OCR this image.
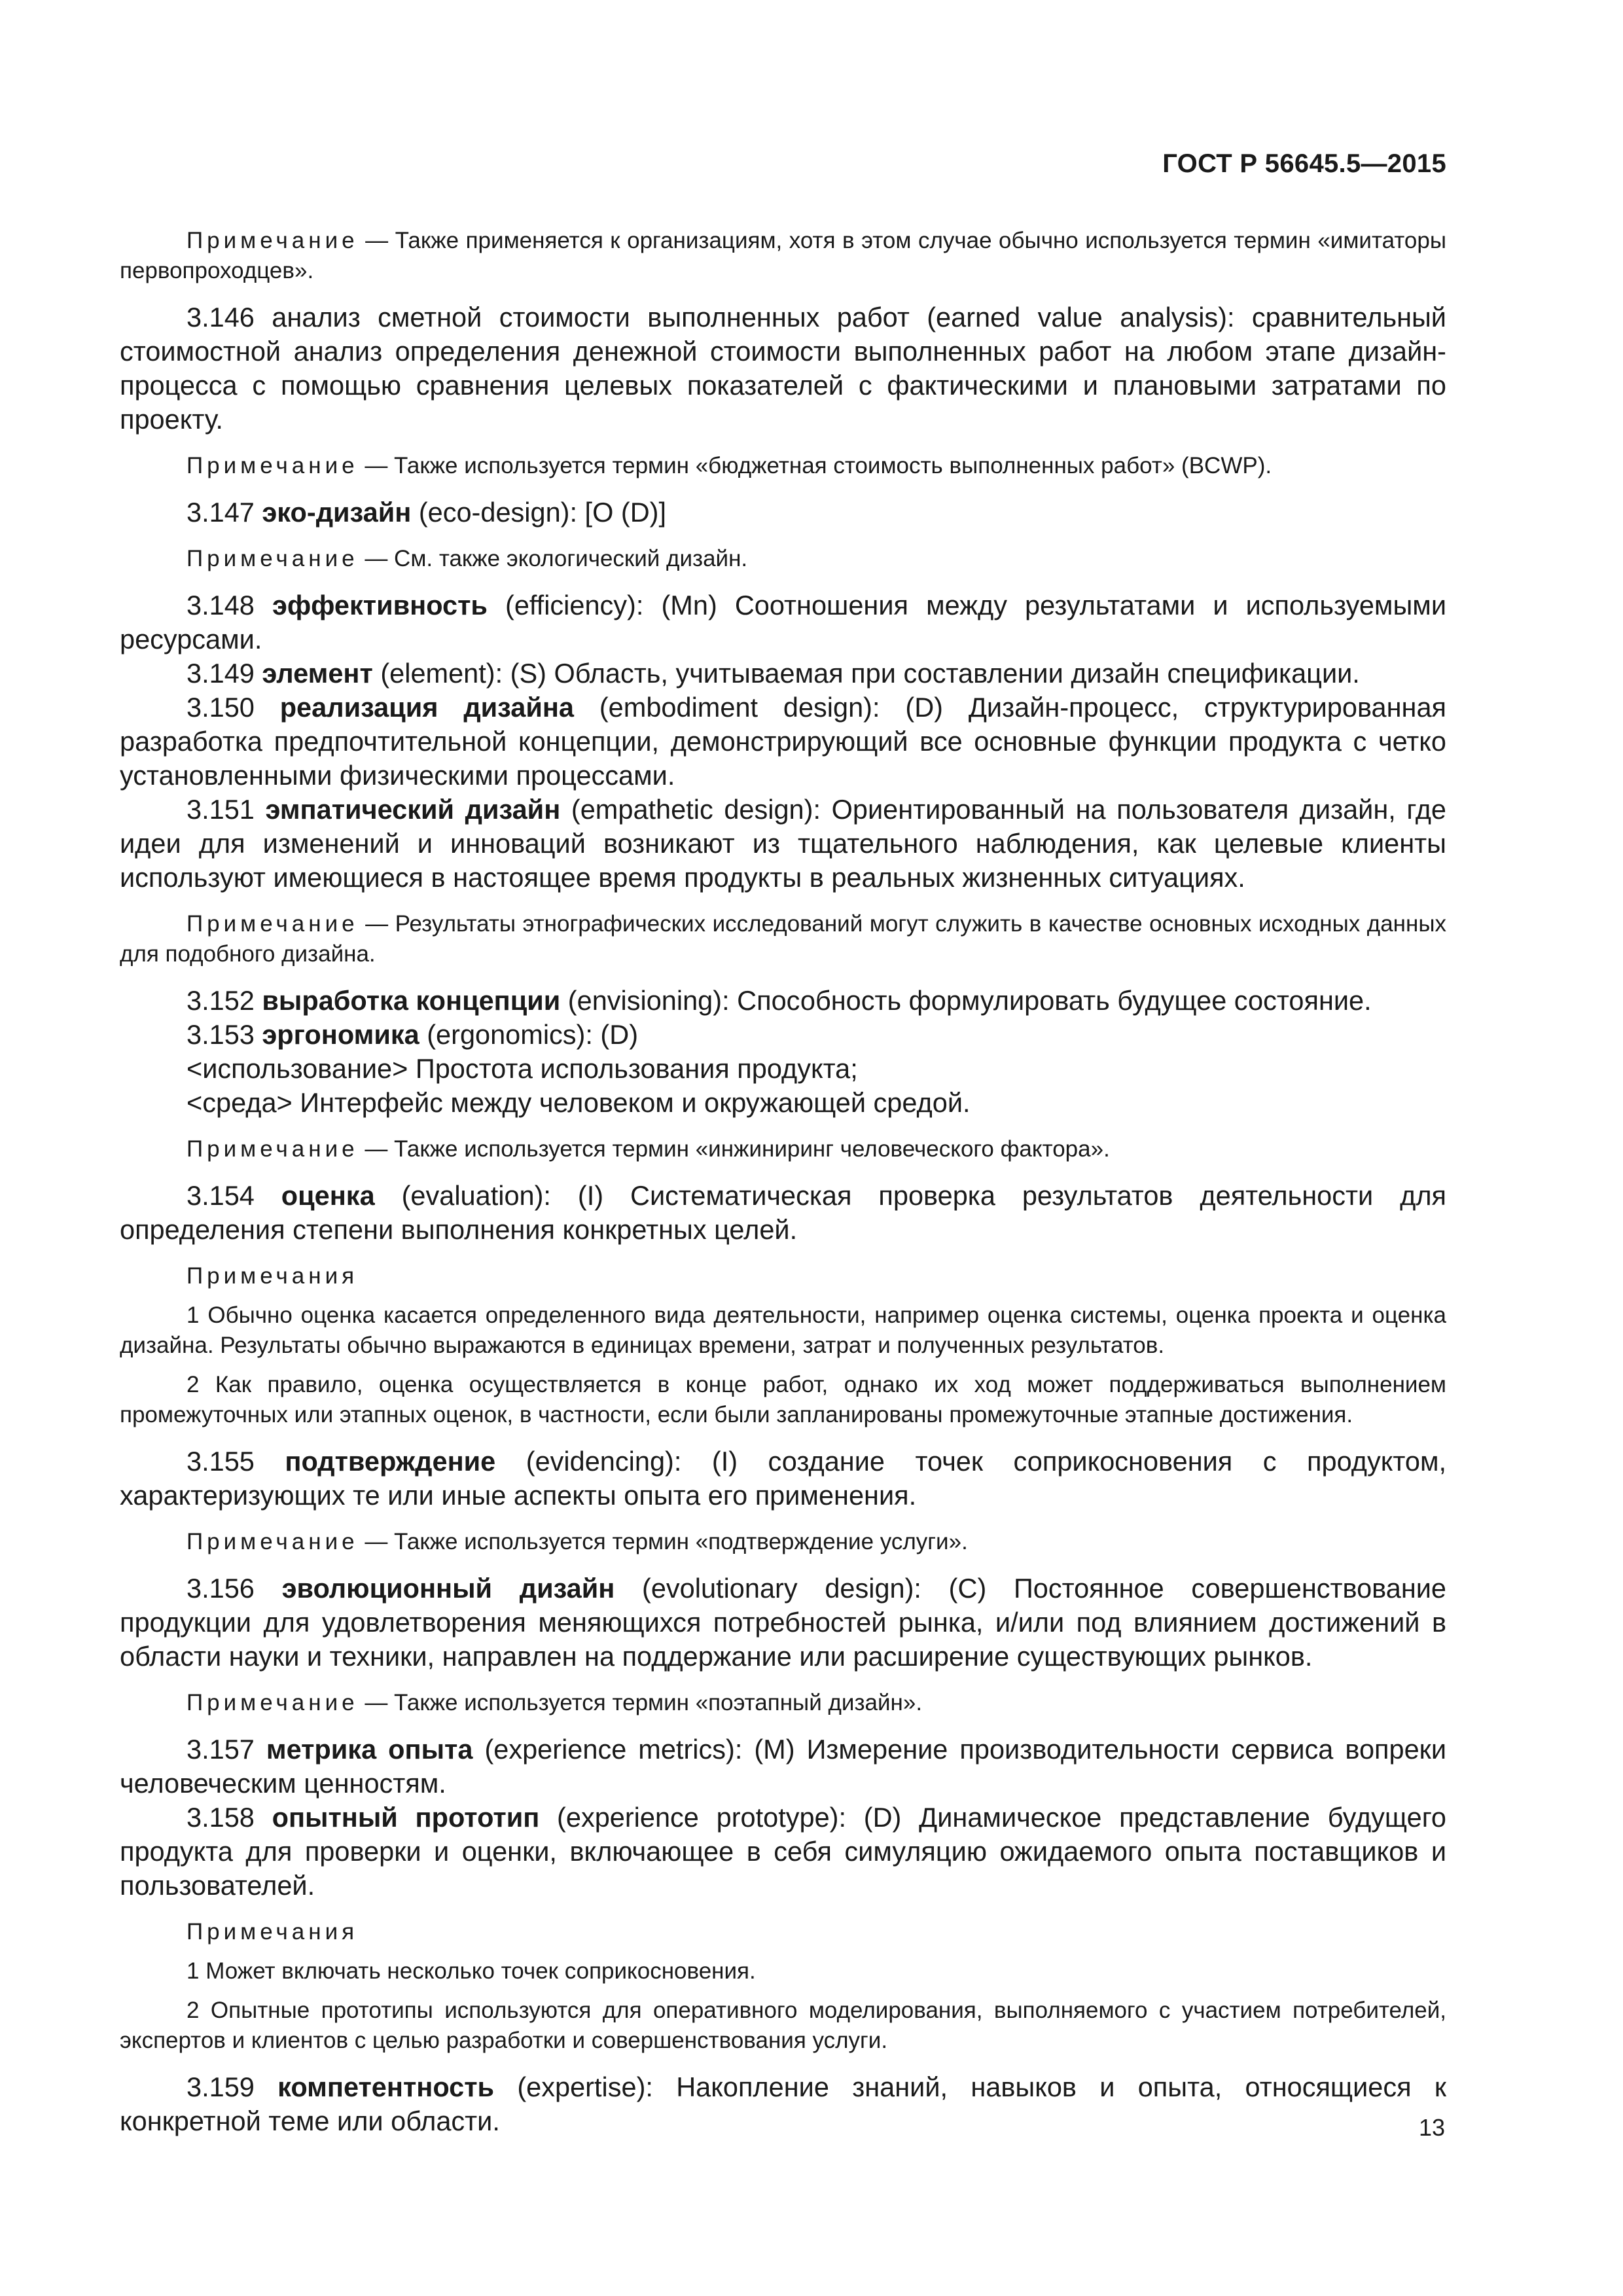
ГОСТ Р 56645.5—2015

Примечание — Также применяется к организациям, хотя в этом случае обычно используется термин «имитаторы первопроходцев».

3.146 анализ сметной стоимости выполненных работ (earned value analysis): сравнительный стоимостной анализ определения денежной стоимости выполненных работ на любом этапе дизайн-процесса с помощью сравнения целевых показателей с фактическими и плановыми затратами по проекту.

Примечание — Также используется термин «бюджетная стоимость выполненных работ» (BCWP).

3.147 эко-дизайн (eco-design): [O (D)]

Примечание — См. также экологический дизайн.

3.148 эффективность (efficiency): (Mn) Соотношения между результатами и используемыми ресурсами.

3.149 элемент (element): (S) Область, учитываемая при составлении дизайн спецификации.

3.150 реализация дизайна (embodiment design): (D) Дизайн-процесс, структурированная разработка предпочтительной концепции, демонстрирующий все основные функции продукта с четко установленными физическими процессами.

3.151 эмпатический дизайн (empathetic design): Ориентированный на пользователя дизайн, где идеи для изменений и инноваций возникают из тщательного наблюдения, как целевые клиенты используют имеющиеся в настоящее время продукты в реальных жизненных ситуациях.

Примечание — Результаты этнографических исследований могут служить в качестве основных исходных данных для подобного дизайна.

3.152 выработка концепции (envisioning): Способность формулировать будущее состояние.

3.153 эргономика (ergonomics): (D)

<использование> Простота использования продукта;

<среда> Интерфейс между человеком и окружающей средой.

Примечание — Также используется термин «инжиниринг человеческого фактора».

3.154 оценка (evaluation): (I) Систематическая проверка результатов деятельности для определения степени выполнения конкретных целей.

Примечания

1 Обычно оценка касается определенного вида деятельности, например оценка системы, оценка проекта и оценка дизайна. Результаты обычно выражаются в единицах времени, затрат и полученных результатов.

2 Как правило, оценка осуществляется в конце работ, однако их ход может поддерживаться выполнением промежуточных или этапных оценок, в частности, если были запланированы промежуточные этапные достижения.

3.155 подтверждение (evidencing): (I) создание точек соприкосновения с продуктом, характеризующих те или иные аспекты опыта его применения.

Примечание — Также используется термин «подтверждение услуги».

3.156 эволюционный дизайн (evolutionary design): (С) Постоянное совершенствование продукции для удовлетворения меняющихся потребностей рынка, и/или под влиянием достижений в области науки и техники, направлен на поддержание или расширение существующих рынков.

Примечание — Также используется термин «поэтапный дизайн».

3.157 метрика опыта (experience metrics): (M) Измерение производительности сервиса вопреки человеческим ценностям.

3.158 опытный прототип (experience prototype): (D) Динамическое представление будущего продукта для проверки и оценки, включающее в себя симуляцию ожидаемого опыта поставщиков и пользователей.

Примечания

1 Может включать несколько точек соприкосновения.

2 Опытные прототипы используются для оперативного моделирования, выполняемого с участием потребителей, экспертов и клиентов с целью разработки и совершенствования услуги.

3.159 компетентность (expertise): Накопление знаний, навыков и опыта, относящиеся к конкретной теме или области.	13
